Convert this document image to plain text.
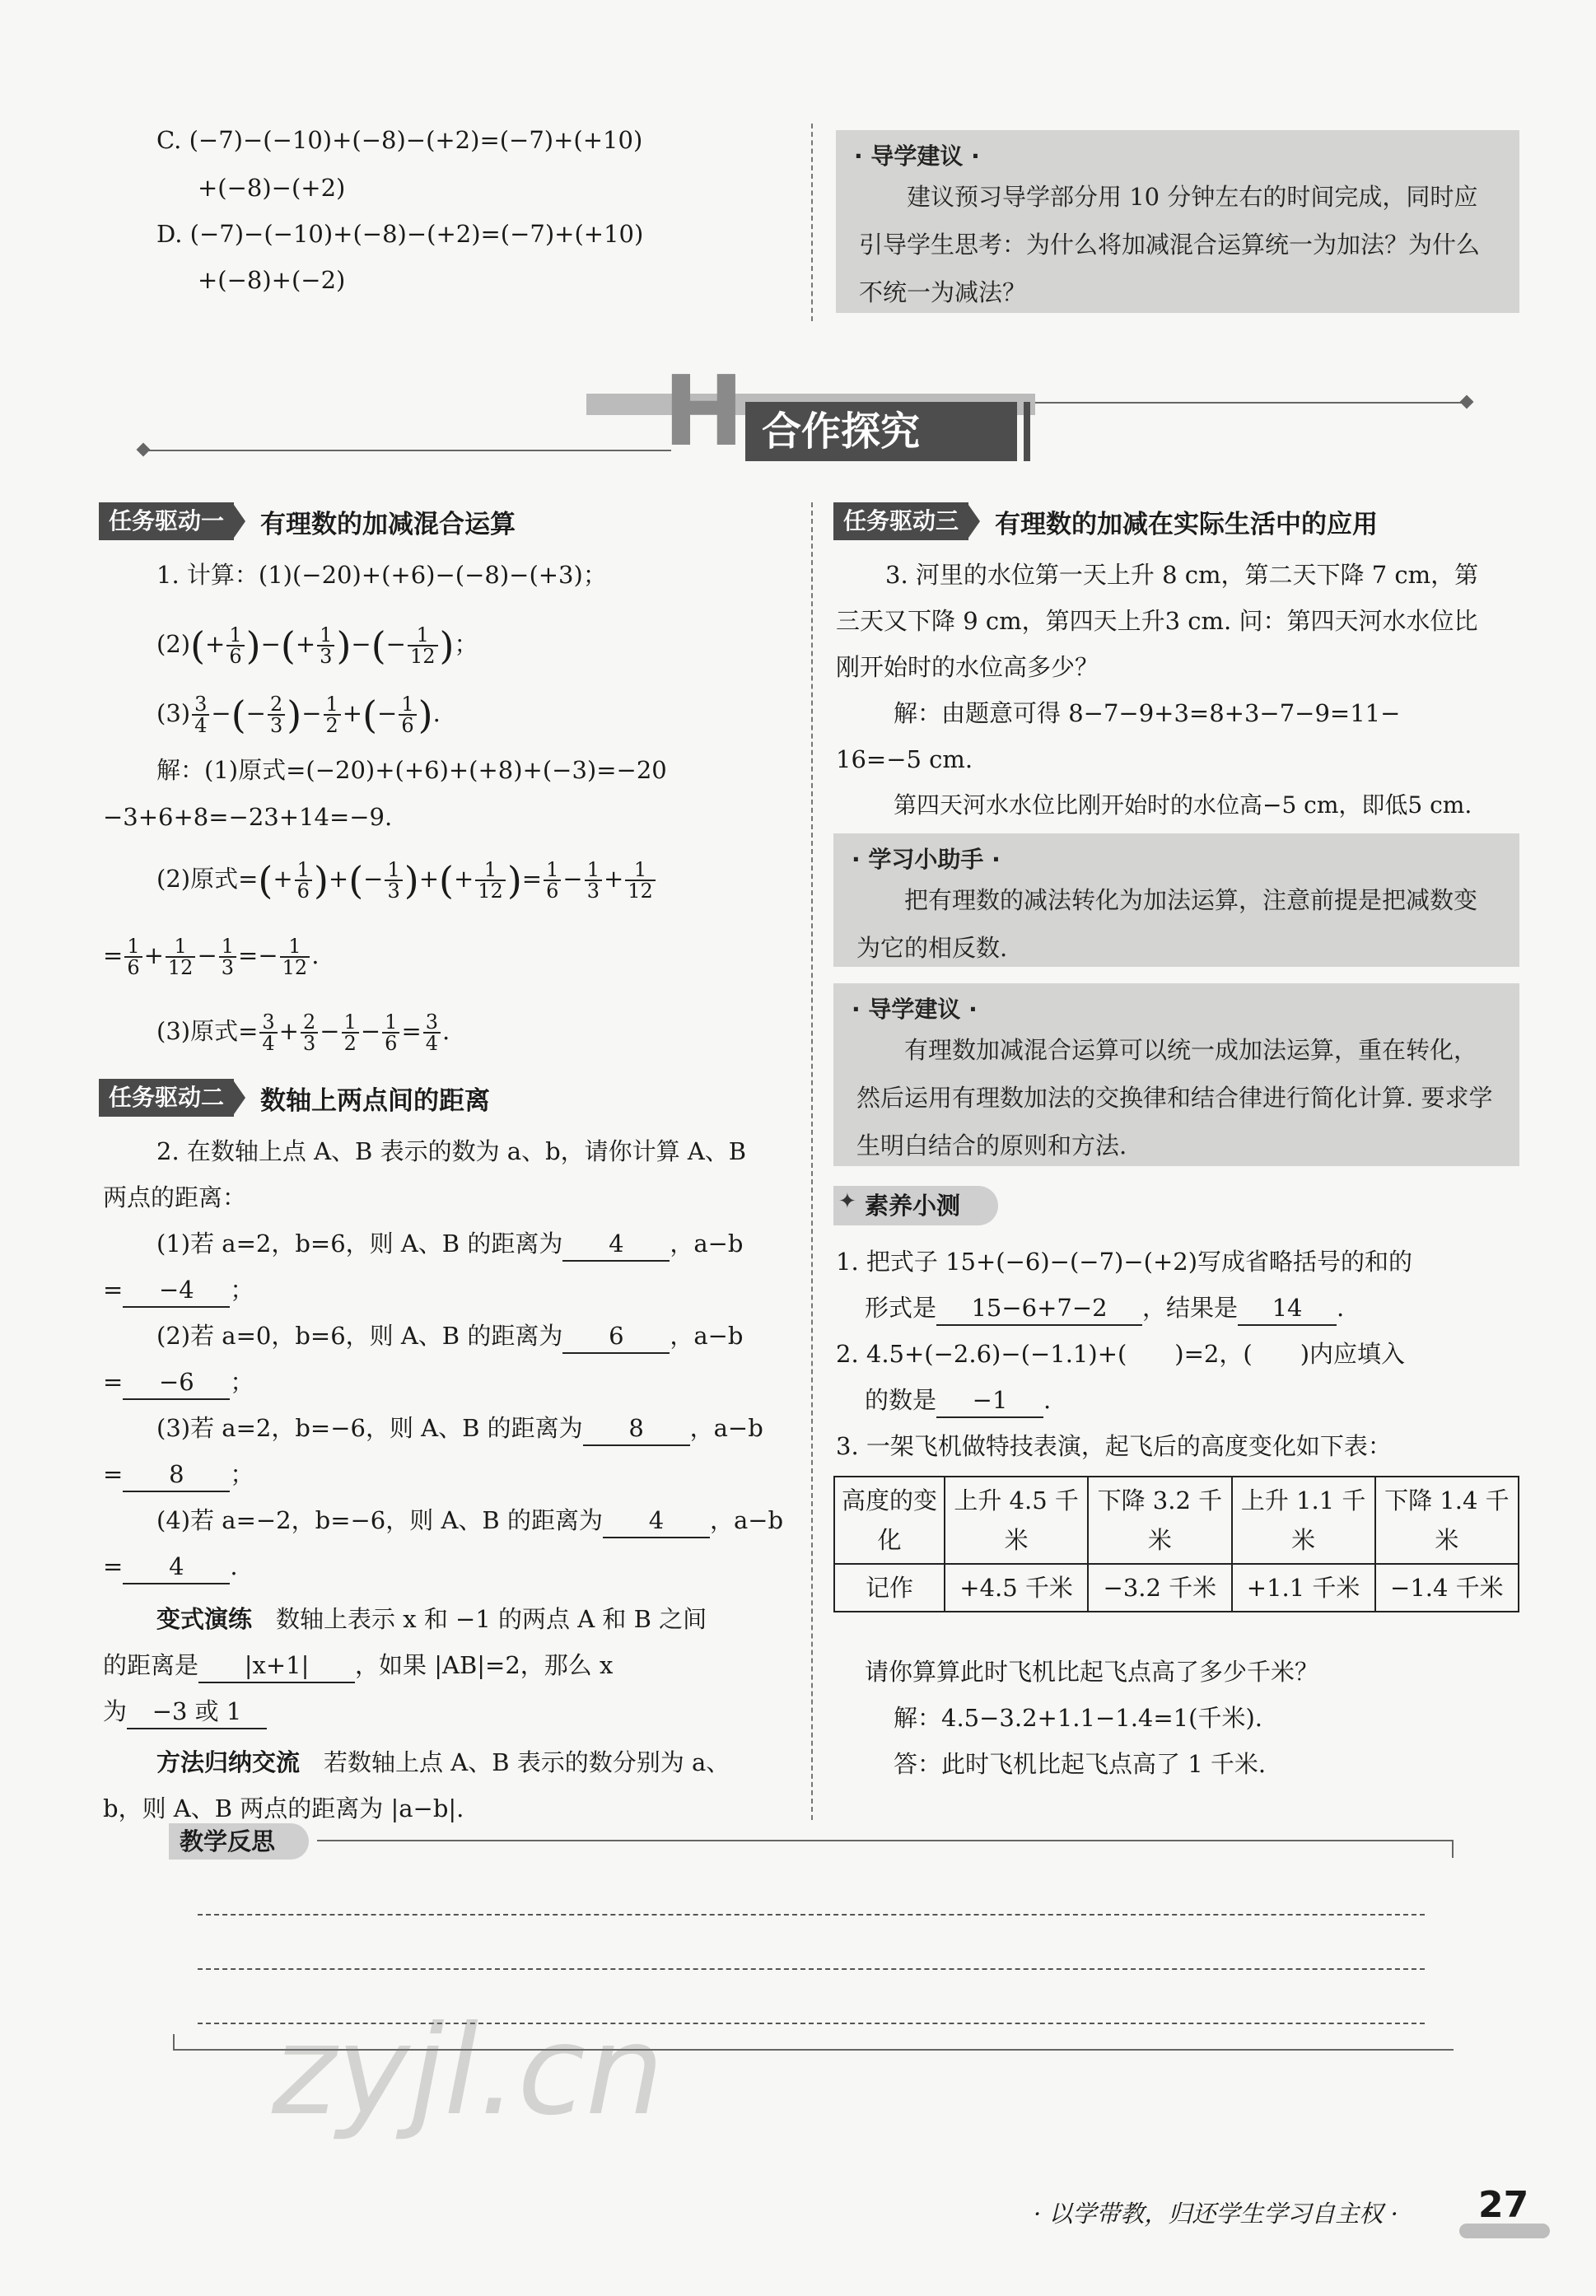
C. (−7)−(−10)+(−8)−(+2)=(−7)+(+10)
+(−8)−(+2)
D. (−7)−(−10)+(−8)−(+2)=(−7)+(+10)
+(−8)+(−2)
· 导学建议 ·
建议预习导学部分用 10 分钟左右的时间完成，同时应引导学生思考：为什么将加减混合运算统一为加法？为什么不统一为减法？
H 合作探究
任务驱动一	有理数的加减混合运算
1. 计算：(1)(−20)+(+6)−(−8)−(+3)；
$(2)(+ \frac{1}{6}$ )−(+ $\frac{1}{3}$ )−(− $\frac{1}{12}$ )；
$(3) \frac{3}{4}$ −(− $\frac{2}{3}$ )− $\frac{1}{2}$ +(− $\frac{1}{6}$ ).
解：(1)原式=(−20)+(+6)+(+8)+(−3)=−20
−3+6+8=−23+14=−9.
(2)原式=(+ $\frac{1}{6}$ )+(− $\frac{1}{3}$ )+(+ $\frac{1}{12}$ )= $\frac{1}{6} - \frac{1}{3} + \frac{1}{12}$
= $\frac{1}{6} + \frac{1}{12} - \frac{1}{3} =- \frac{1}{12}$ .
(3)原式= $\frac{3}{4} + \frac{2}{3} - \frac{1}{2} - \frac{1}{6} = \frac{3}{4}$ .
任务驱动二	数轴上两点间的距离
2. 在数轴上点 A、B 表示的数为 a、b，请你计算 A、B
两点的距离：
(1)若 a=2，b=6，则 A、B 的距离为 4 ，a−b
= −4 ；
(2)若 a=0，b=6，则 A、B 的距离为 6 ，a−b
= −6 ；
(3)若 a=2，b=−6，则 A、B 的距离为 8 ，a−b
= 8 ；
(4)若 a=−2，b=−6，则 A、B 的距离为 4 ，a−b
= 4 .
变式演练　 数轴上表示 x 和 −1 的两点 A 和 B 之间
的距离是 |x+1| ，如果 |AB|=2，那么 x
为 −3 或 1
方法归纳交流　 若数轴上点 A、B 表示的数分别为 a、
b，则 A、B 两点的距离为 |a−b|.
任务驱动三	有理数的加减在实际生活中的应用
3. 河里的水位第一天上升 8 cm，第二天下降 7 cm，第
三天又下降 9 cm，第四天上升3 cm. 问：第四天河水水位比
刚开始时的水位高多少？
解：由题意可得 8−7−9+3=8+3−7−9=11−
16=−5 cm.
第四天河水水位比刚开始时的水位高−5 cm，即低5 cm.
· 学习小助手 ·
把有理数的减法转化为加法运算，注意前提是把减数变为它的相反数.
· 导学建议 ·
有理数加减混合运算可以统一成加法运算，重在转化，然后运用有理数加法的交换律和结合律进行简化计算. 要求学生明白结合的原则和方法.
✦ 素养小测
1. 把式子 15+(−6)−(−7)−(+2)写成省略括号的和的
形式是 15−6+7−2 ，结果是 14 .
2. 4.5+(−2.6)−(−1.1)+(　　)=2，(　　)内应填入
的数是 −1 .
3. 一架飞机做特技表演，起飞后的高度变化如下表：
高度的变化	上升 4.5 千米	下降 3.2 千米	上升 1.1 千米	下降 1.4 千米
记作	+4.5 千米	−3.2 千米	+1.1 千米	−1.4 千米
请你算算此时飞机比起飞点高了多少千米？
解：4.5−3.2+1.1−1.4=1(千米).
答：此时飞机比起飞点高了 1 千米.
教学反思
zyjl.cn
· 以学带教，归还学生学习自主权 · 27
